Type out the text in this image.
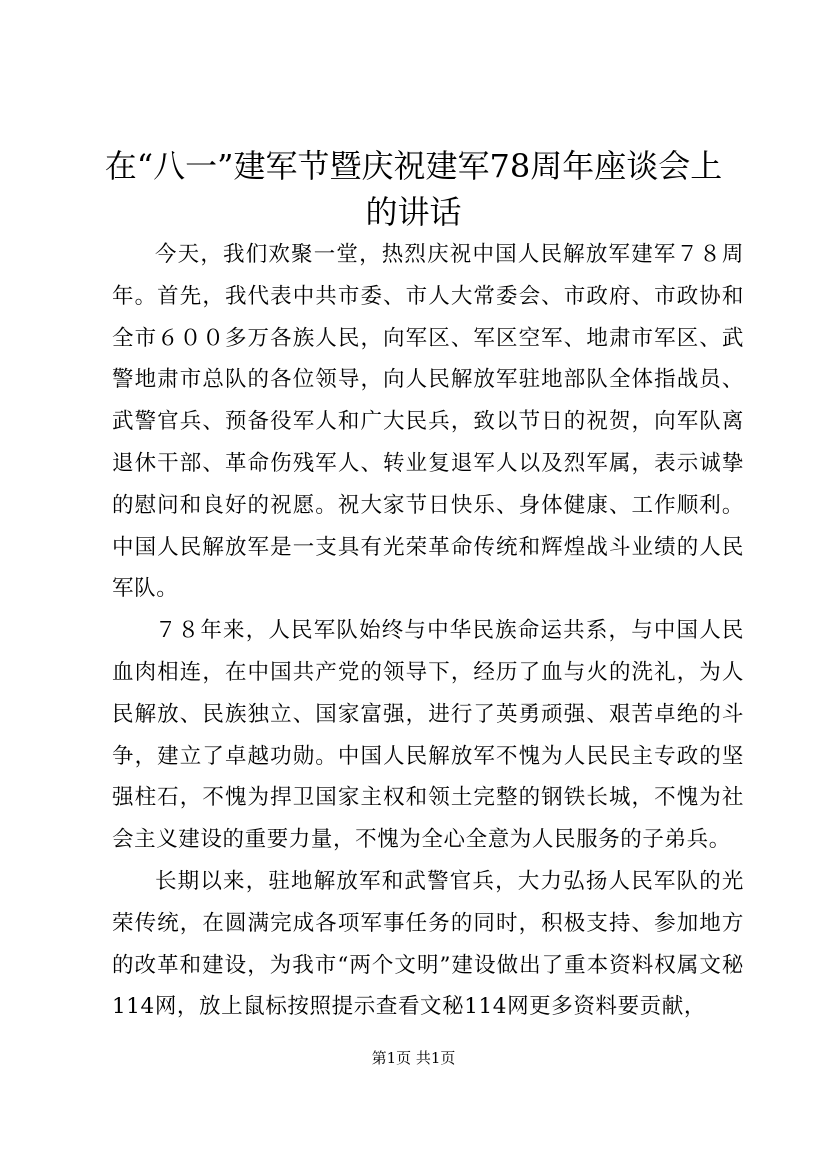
在“八一”建军节暨庆祝建军78周年座谈会上的讲话

今天，我们欢聚一堂，热烈庆祝中国人民解放军建军７８周年。首先，我代表中共市委、市人大常委会、市政府、市政协和全市６００多万各族人民，向军区、军区空军、地肃市军区、武警地肃市总队的各位领导，向人民解放军驻地部队全体指战员、武警官兵、预备役军人和广大民兵，致以节日的祝贺，向军队离退休干部、革命伤残军人、转业复退军人以及烈军属，表示诚挚的慰问和良好的祝愿。祝大家节日快乐、身体健康、工作顺利。中国人民解放军是一支具有光荣革命传统和辉煌战斗业绩的人民军队。

７８年来，人民军队始终与中华民族命运共系，与中国人民血肉相连，在中国共产党的领导下，经历了血与火的洗礼，为人民解放、民族独立、国家富强，进行了英勇顽强、艰苦卓绝的斗争，建立了卓越功勋。中国人民解放军不愧为人民民主专政的坚强柱石，不愧为捍卫国家主权和领土完整的钢铁长城，不愧为社会主义建设的重要力量，不愧为全心全意为人民服务的子弟兵。

长期以来，驻地解放军和武警官兵，大力弘扬人民军队的光荣传统，在圆满完成各项军事任务的同时，积极支持、参加地方的改革和建设，为我市“两个文明”建设做出了重本资料权属文秘114网，放上鼠标按照提示查看文秘114网更多资料要贡献，

第1页 共1页
